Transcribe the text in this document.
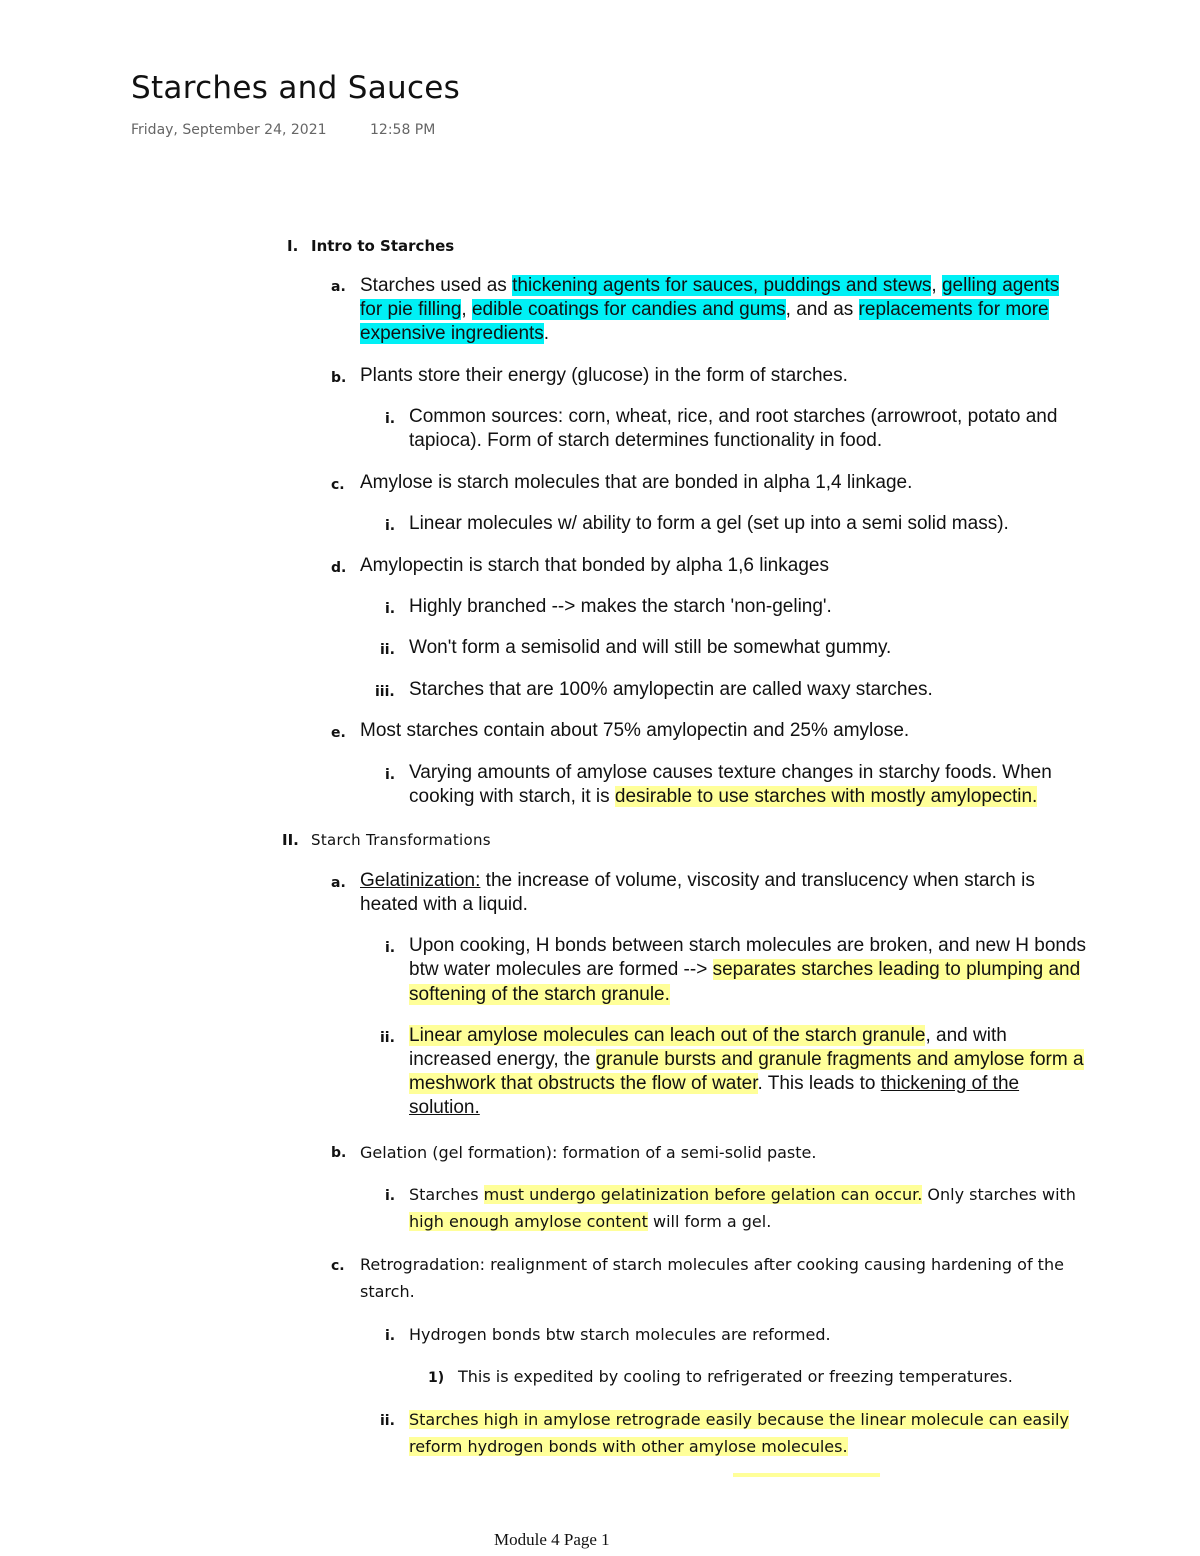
Starches and Sauces
Friday, September 24, 2021	12:58 PM
I. Intro to Starches
a. Starches used as thickening agents for sauces, puddings and stews, gelling agents
for pie filling, edible coatings for candies and gums, and as replacements for more
expensive ingredients.
b. Plants store their energy (glucose) in the form of starches.
i. Common sources: corn, wheat, rice, and root starches (arrowroot, potato and
tapioca). Form of starch determines functionality in food.
c. Amylose is starch molecules that are bonded in alpha 1,4 linkage.
i. Linear molecules w/ ability to form a gel (set up into a semi solid mass).
d. Amylopectin is starch that bonded by alpha 1,6 linkages
i. Highly branched --> makes the starch 'non-geling'.
ii. Won't form a semisolid and will still be somewhat gummy.
iii. Starches that are 100% amylopectin are called waxy starches.
e. Most starches contain about 75% amylopectin and 25% amylose.
i. Varying amounts of amylose causes texture changes in starchy foods. When
cooking with starch, it is desirable to use starches with mostly amylopectin.
II. Starch Transformations
a. Gelatinization: the increase of volume, viscosity and translucency when starch is
heated with a liquid.
i. Upon cooking, H bonds between starch molecules are broken, and new H bonds
btw water molecules are formed --> separates starches leading to plumping and
softening of the starch granule.
ii. Linear amylose molecules can leach out of the starch granule, and with
increased energy, the granule bursts and granule fragments and amylose form a
meshwork that obstructs the flow of water. This leads to thickening of the
solution.
b. Gelation (gel formation): formation of a semi-solid paste.
i. Starches must undergo gelatinization before gelation can occur. Only starches with
high enough amylose content will form a gel.
c. Retrogradation: realignment of starch molecules after cooking causing hardening of the
starch.
i. Hydrogen bonds btw starch molecules are reformed.
1) This is expedited by cooling to refrigerated or freezing temperatures.
ii. Starches high in amylose retrograde easily because the linear molecule can easily
reform hydrogen bonds with other amylose molecules.
Module 4 Page 1
